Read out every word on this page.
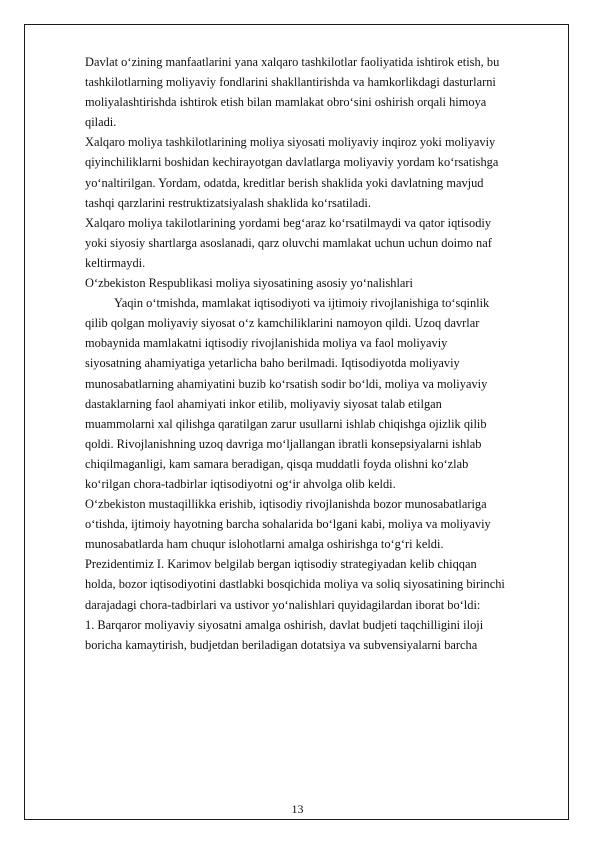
Davlat o‘zining manfaatlarini yana xalqaro tashkilotlar faoliyatida ishtirok etish, bu
tashkilotlarning moliyaviy fondlarini shakllantirishda va hamkorlikdagi dasturlarni
moliyalashtirishda ishtirok etish bilan mamlakat obro‘sini oshirish orqali himoya
qiladi.
Xalqaro moliya tashkilotlarining moliya siyosati moliyaviy inqiroz yoki moliyaviy
qiyinchiliklarni boshidan kechirayotgan davlatlarga moliyaviy yordam ko‘rsatishga
yo‘naltirilgan. Yordam, odatda, kreditlar berish shaklida yoki davlatning mavjud
tashqi qarzlarini restruktizatsiyalash shaklida ko‘rsatiladi.
Xalqaro moliya takilotlarining yordami beg‘araz ko‘rsatilmaydi va qator iqtisodiy
yoki siyosiy shartlarga asoslanadi, qarz oluvchi mamlakat uchun uchun doimo naf
keltirmaydi.
O‘zbekiston Respublikasi moliya siyosatining asosiy yo‘nalishlari
Yaqin o‘tmishda, mamlakat iqtisodiyoti va ijtimoiy rivojlanishiga to‘sqinlik
qilib qolgan moliyaviy siyosat o‘z kamchiliklarini namoyon qildi. Uzoq davrlar
mobaynida mamlakatni iqtisodiy rivojlanishida moliya va faol moliyaviy
siyosatning ahamiyatiga yetarlicha baho berilmadi. Iqtisodiyotda moliyaviy
munosabatlarning ahamiyatini buzib ko‘rsatish sodir bo‘ldi, moliya va moliyaviy
dastaklarning faol ahamiyati inkor etilib, moliyaviy siyosat talab etilgan
muammolarni xal qilishga qaratilgan zarur usullarni ishlab chiqishga ojizlik qilib
qoldi. Rivojlanishning uzoq davriga mo‘ljallangan ibratli konsepsiyalarni ishlab
chiqilmaganligi, kam samara beradigan, qisqa muddatli foyda olishni ko‘zlab
ko‘rilgan chora-tadbirlar iqtisodiyotni og‘ir ahvolga olib keldi.
O‘zbekiston mustaqillikka erishib, iqtisodiy rivojlanishda bozor munosabatlariga
o‘tishda, ijtimoiy hayotning barcha sohalarida bo‘lgani kabi, moliya va moliyaviy
munosabatlarda ham chuqur islohotlarni amalga oshirishga to‘g‘ri keldi.
Prezidentimiz I. Karimov belgilab bergan iqtisodiy strategiyadan kelib chiqqan
holda, bozor iqtisodiyotini dastlabki bosqichida moliya va soliq siyosatining birinchi
darajadagi chora-tadbirlari va ustivor yo‘nalishlari quyidagilardan iborat bo‘ldi:
1. Barqaror moliyaviy siyosatni amalga oshirish, davlat budjeti taqchilligini iloji
boricha kamaytirish, budjetdan beriladigan dotatsiya va subvensiyalarni barcha
13
